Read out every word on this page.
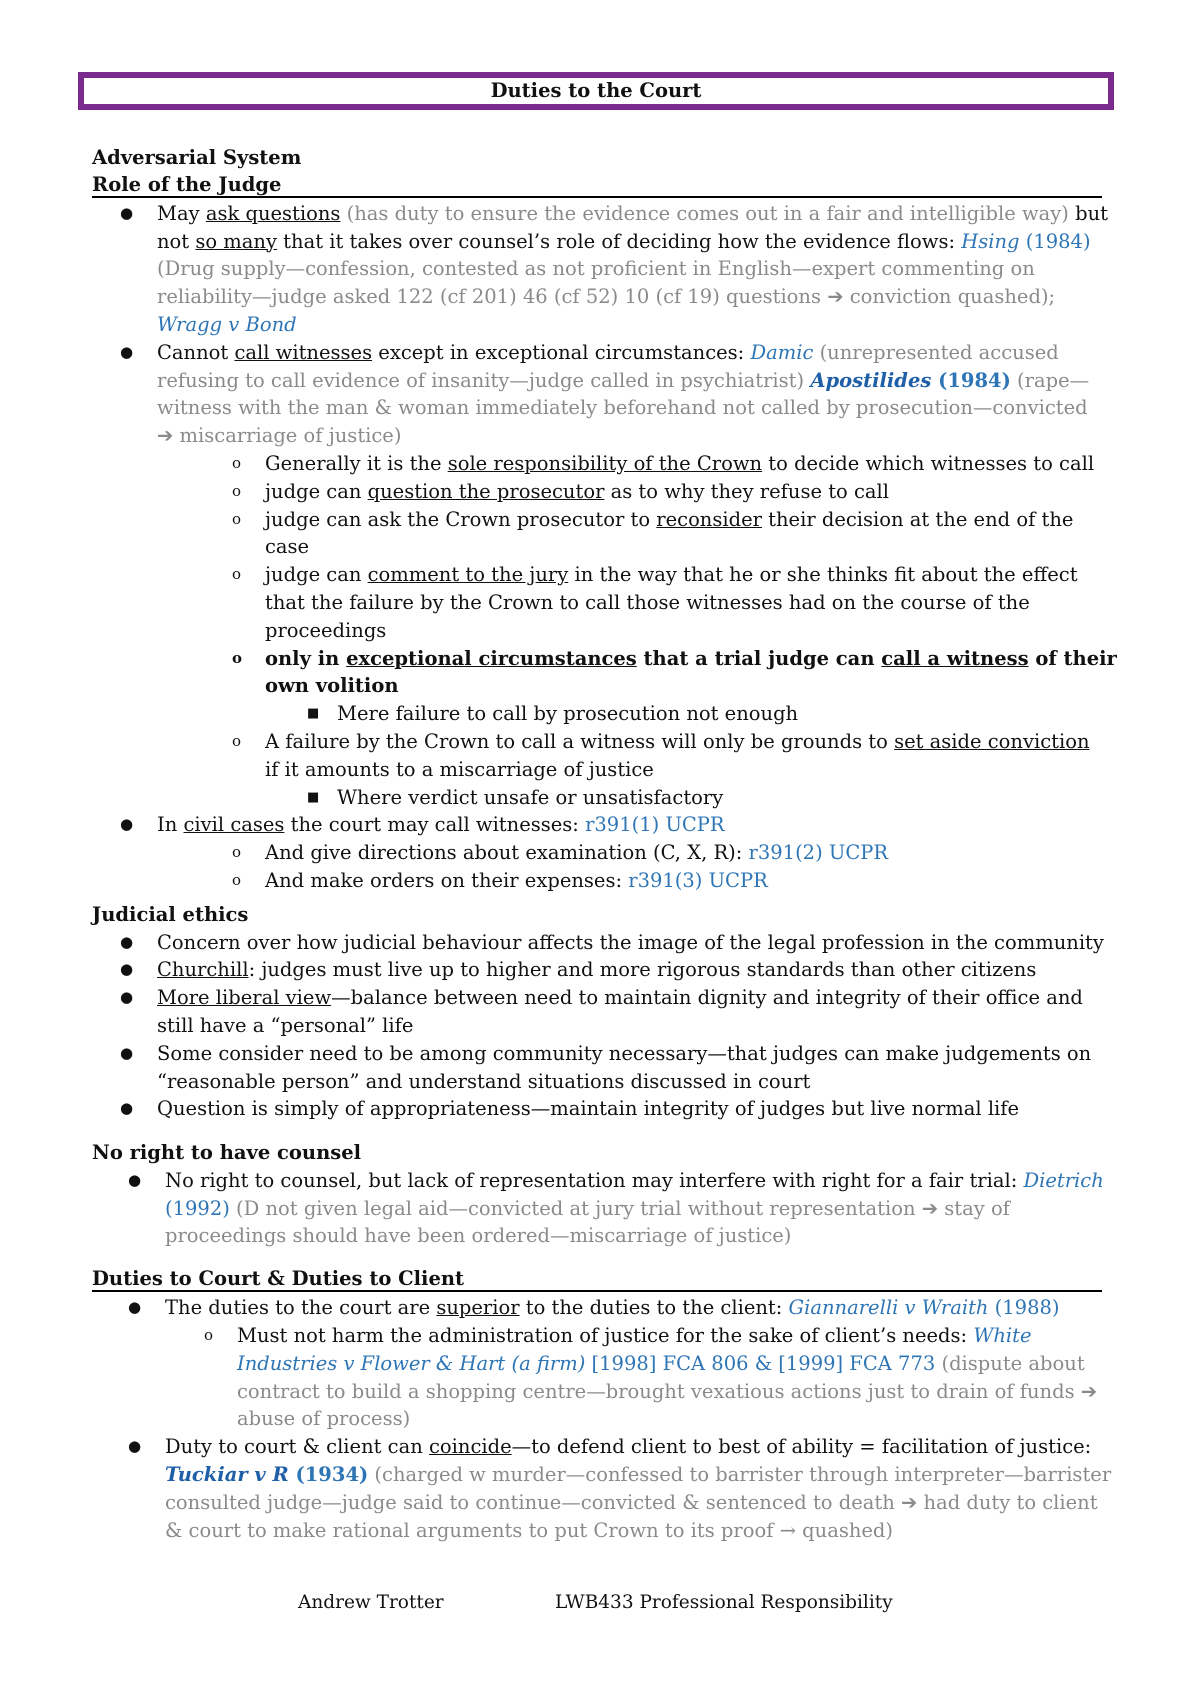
Duties to the Court
Adversarial System
Role of the Judge
● May ask questions (has duty to ensure the evidence comes out in a fair and intelligible way) but
not so many that it takes over counsel’s role of deciding how the evidence flows: Hsing (1984)
(Drug supply—confession, contested as not proficient in English—expert commenting on
reliability—judge asked 122 (cf 201) 46 (cf 52) 10 (cf 19) questions ➔ conviction quashed);
Wragg v Bond
● Cannot call witnesses except in exceptional circumstances: Damic (unrepresented accused
refusing to call evidence of insanity—judge called in psychiatrist) Apostilides (1984) (rape—
witness with the man & woman immediately beforehand not called by prosecution—convicted
➔ miscarriage of justice)
o Generally it is the sole responsibility of the Crown to decide which witnesses to call
o judge can question the prosecutor as to why they refuse to call
o judge can ask the Crown prosecutor to reconsider their decision at the end of the
case
o judge can comment to the jury in the way that he or she thinks fit about the effect
that the failure by the Crown to call those witnesses had on the course of the
proceedings
o only in exceptional circumstances that a trial judge can call a witness of their
own volition
■ Mere failure to call by prosecution not enough
o A failure by the Crown to call a witness will only be grounds to set aside conviction
if it amounts to a miscarriage of justice
■ Where verdict unsafe or unsatisfactory
● In civil cases the court may call witnesses: r391(1) UCPR
o And give directions about examination (C, X, R): r391(2) UCPR
o And make orders on their expenses: r391(3) UCPR
Judicial ethics
● Concern over how judicial behaviour affects the image of the legal profession in the community
● Churchill: judges must live up to higher and more rigorous standards than other citizens
● More liberal view—balance between need to maintain dignity and integrity of their office and
still have a “personal” life
● Some consider need to be among community necessary—that judges can make judgements on
“reasonable person” and understand situations discussed in court
● Question is simply of appropriateness—maintain integrity of judges but live normal life
No right to have counsel
● No right to counsel, but lack of representation may interfere with right for a fair trial: Dietrich
(1992) (D not given legal aid—convicted at jury trial without representation ➔ stay of
proceedings should have been ordered—miscarriage of justice)
Duties to Court & Duties to Client
● The duties to the court are superior to the duties to the client: Giannarelli v Wraith (1988)
o Must not harm the administration of justice for the sake of client’s needs: White
Industries v Flower & Hart (a firm) [1998] FCA 806 & [1999] FCA 773 (dispute about
contract to build a shopping centre—brought vexatious actions just to drain of funds ➔
abuse of process)
● Duty to court & client can coincide—to defend client to best of ability = facilitation of justice:
Tuckiar v R (1934) (charged w murder—confessed to barrister through interpreter—barrister
consulted judge—judge said to continue—convicted & sentenced to death ➔ had duty to client
& court to make rational arguments to put Crown to its proof → quashed)
Andrew Trotter	LWB433 Professional Responsibility
